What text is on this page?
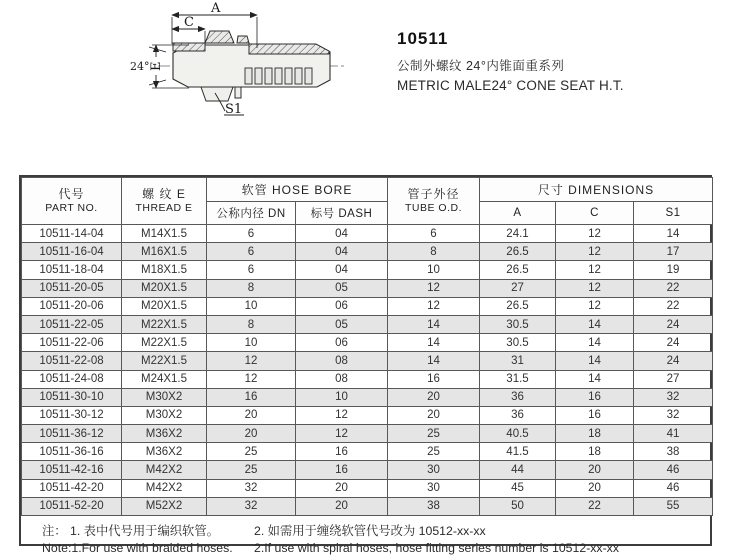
A
C
E
24°
S1

10511

公制外螺纹 24°内锥面重系列

METRIC MALE24° CONE SEAT H.T.

代号
PART NO.

螺 纹 E
THREAD E
	软管 HOSE BORE	管子外径
TUBE O.D.
	尺寸 DIMENSIONS
		公称内径 DN	标号 DASH		A	C	S1
10511-14-04	M14X1.5	6	04	6	24.1	12	14
10511-16-04	M16X1.5	6	04	8	26.5	12	17
10511-18-04	M18X1.5	6	04	10	26.5	12	19
10511-20-05	M20X1.5	8	05	12	27	12	22
10511-20-06	M20X1.5	10	06	12	26.5	12	22
10511-22-05	M22X1.5	8	05	14	30.5	14	24
10511-22-06	M22X1.5	10	06	14	30.5	14	24
10511-22-08	M22X1.5	12	08	14	31	14	24
10511-24-08	M24X1.5	12	08	16	31.5	14	27
10511-30-10	M30X2	16	10	20	36	16	32
10511-30-12	M30X2	20	12	20	36	16	32
10511-36-12	M36X2	20	12	25	40.5	18	41
10511-36-16	M36X2	25	16	25	41.5	18	38
10511-42-16	M42X2	25	16	30	44	20	46
10511-42-20	M42X2	32	20	30	45	20	46
10511-52-20	M52X2	32	20	38	50	22	55
注： 1. 表中代号用于编织软管。	2. 如需用于缠绕软管代号改为 10512-xx-xx
Note:1.For use with braided hoses.	2.If use with spiral hoses, hose fitting series number is 10512-xx-xx
